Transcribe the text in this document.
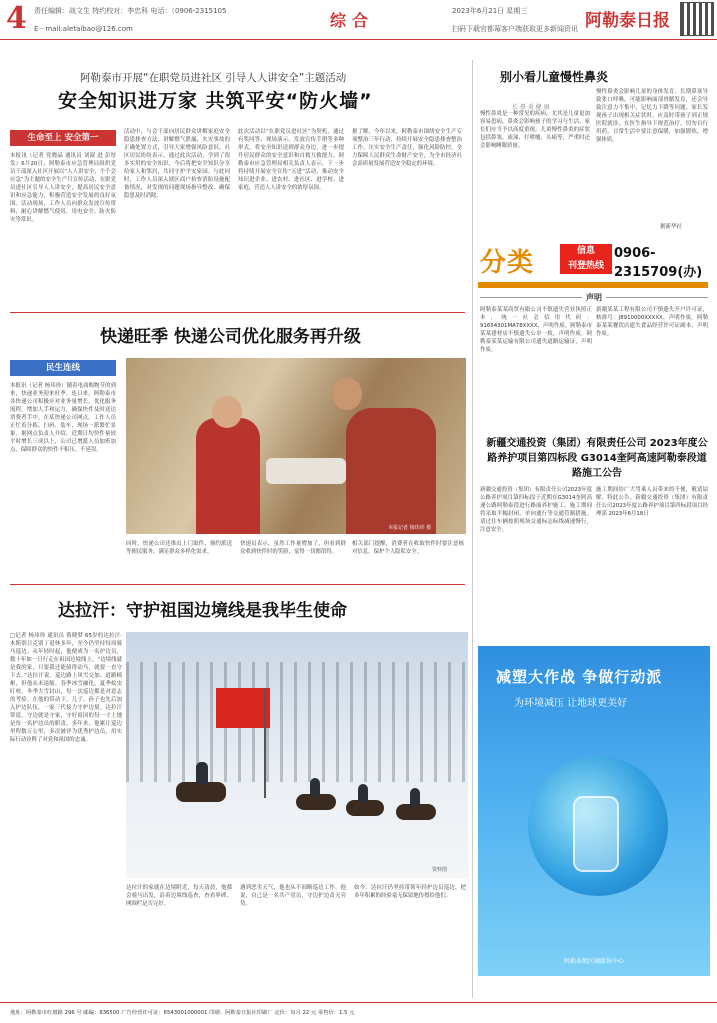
4 责任编辑：战文生 特约校对：李忠科 电话：（0906-2315105
E－mail:aletaibao@126.com	综合	2023年6月21日 星期三
扫码下载官都莓客户端获取更多新闻资讯 阿勒泰日报
阿勒泰市开展“在职党员进社区 引导人人讲安全”主题活动
安全知识进万家 共筑平安“防火墙”
生命至上 安全第一
本报讯（记者 党晓晶 通讯员 刘淑 进 彭厚发）6月20日，阿勒泰市应急管理局组织党员干部深入社区开展以“人人讲安全、个个会应急”为主题的安全生产月宣传活动，在职党员进社区引导人人讲安全，提高居民安全意识和应急能力，积极营造安全发展的良好氛围。活动现场，工作人员向群众发放宣传资料，耐心讲解燃气使用、用电安全、防火防灾等常识。
活动中，与会干部向居民群众讲解家庭安全隐患排查方法，讲解燃气泄漏、火灾事故的正确处置方式，引导大家增强风险意识。社区居民纷纷表示，通过此次活动，学到了很多实用的安全知识，今后将把安全知识分享给家人和邻居，共同守护平安家园。与此同时，工作人员深入辖区商户检查消防设施配备情况，对发现的问题现场指导整改，确保隐患及时消除。
此次活动以“在职党员进社区”为契机，通过有奖问答、现场演示、发放宣传手册等多种形式，将安全知识送到群众身边，进一步提升居民群众的安全意识和自救互救能力。阿勒泰市应急管理局相关负责人表示，下一步将持续开展安全宣传“五进”活动，推动安全知识进企业、进农村、进社区、进学校、进家庭，营造人人讲安全的浓厚氛围。
据了解，今年以来，阿勒泰市围绕安全生产专项整治三年行动，持续开展安全隐患排查整治工作，压实安全生产责任，强化风险防控，全力保障人民群众生命财产安全，为全市经济社会高质量发展营造安全稳定的环境。
快递旺季 快递公司优化服务再升级
民生连线
本报讯（记者 杨玮珍）随着电商购物节的到来，快递业务迎来旺季。连日来，阿勒泰市各快递公司积极应对业务量增长，优化服务流程，增加人手和运力，确保快件及时送达消费者手中。在某快递公司网点，工作人员正忙着分拣、扫码、装车，现场一派繁忙景象。据网点负责人介绍，近期日均快件量较平时增长三成以上，公司已增派人员加班加点，保障群众的快件不积压、不延误。
本报记者 杨玮珍 摄
同时，快递公司还推出上门取件、预约派送等便民服务，满足群众多样化需求。
快递员表示，虽然工作量增加了，但看到群众收到快件时的笑脸，觉得一切都值得。
相关部门提醒，消费者在收取快件时要注意核对信息，保护个人隐私安全。
达拉汗：守护祖国边境线是我毕生使命
□记者 杨玮珍 通讯员 蔡晓梦 65岁的达拉汗·木斯别日克别丁退休多年，至今仍坚持每周骑马巡边。从年轻时起，他便成为一名护边员，数十年如一日行走在祖国边境线上。“边境线就是我的家，只要我还能骑得动马，就要一直守下去。”达拉汗说。巡边路上风雪交加、道路崎岖，但他从未退缩。春季冰雪融化，夏季蚊虫叮咬，冬季大雪封山，每一次巡边都是对意志的考验。在他的带动下，儿子、孙子也先后加入护边队伍，一家三代接力守护边境。达拉汗常说，守边就是守家，守好祖国的每一寸土地是每一名护边员的职责。多年来，他累计巡边里程数万公里，多次被评为优秀护边员，用实际行动诠释了对党和祖国的忠诚。
资料图
达拉汗的家就在边境附近，每天清晨，他都会骑马出发，沿着边境线巡查，查看界碑、网围栏是否完好。
遇到恶劣天气，他也从不间断巡边工作。他说，自己是一名共产党员，守边护边责无旁贷。
如今，达拉汗仍坚持带领年轻护边员巡边，把多年积累的经验毫无保留地传授给他们。
别小看儿童慢性鼻炎
长 鼻 炎 健 康
慢性鼻炎是一种常见的疾病，尤其是儿童更加容易患病。鼻炎会影响孩子的学习与生活，家长们应当予以高度重视。儿童慢性鼻炎的症状包括鼻塞、流涕、打喷嚏、头痛等，严重时还会影响睡眠质量。
慢性鼻炎会影响儿童的身体发育。长期鼻塞导致张口呼吸，可能影响面部骨骼发育，还会导致注意力不集中、记忆力下降等问题。家长发现孩子出现相关症状时，应及时带孩子到正规医院就诊，在医生指导下规范治疗，切勿自行用药。日常生活中要注意保暖，加强锻炼，增强体质。
据新华社
分类	信息
刊登热线
0906-2315709(办)
声明
阿勒泰某某商贸有限公司不慎遗失营业执照正本，统一社会信用代码：91654301MA78XXXX，声明作废。阿勒泰市某某建材店不慎遗失公章一枚，声明作废。阿勒泰某某运输有限公司遗失道路运输证，声明作废。
新疆某某工程有限公司不慎遗失开户许可证，核准号：J8910000XXXXX，声明作废。阿勒泰某某餐饮店遗失食品经营许可证副本，声明作废。
新疆交通投资（集团）有限责任公司 2023年度公路养护项目第四标段 G3014奎阿高速阿勒泰段道路施工公告
新疆交通投资（集团）有限责任公司2023年度公路养护项目第四标段于近期在G3014奎阿高速公路阿勒泰段进行路面养护施工。施工期间将采取半幅封闭、单向通行等交通管制措施。请过往车辆按照现场交通标志标线减速慢行，注意安全。
施工期间给广大驾乘人员带来的不便，敬请谅解。特此公告。新疆交通投资（集团）有限责任公司2023年度公路养护项目第四标段项目经理部 2023年6月18日
减塑大作战 争做行动派
为环境减压 让地球更美好
阿勒泰地区融媒体中心
地址：阿勒泰市红墩路 296 号 邮编：836500 广告经营许可证：6543001000001 印刷：阿勒泰日报社印刷厂 定价：每月 22 元 零售价：1.5 元
